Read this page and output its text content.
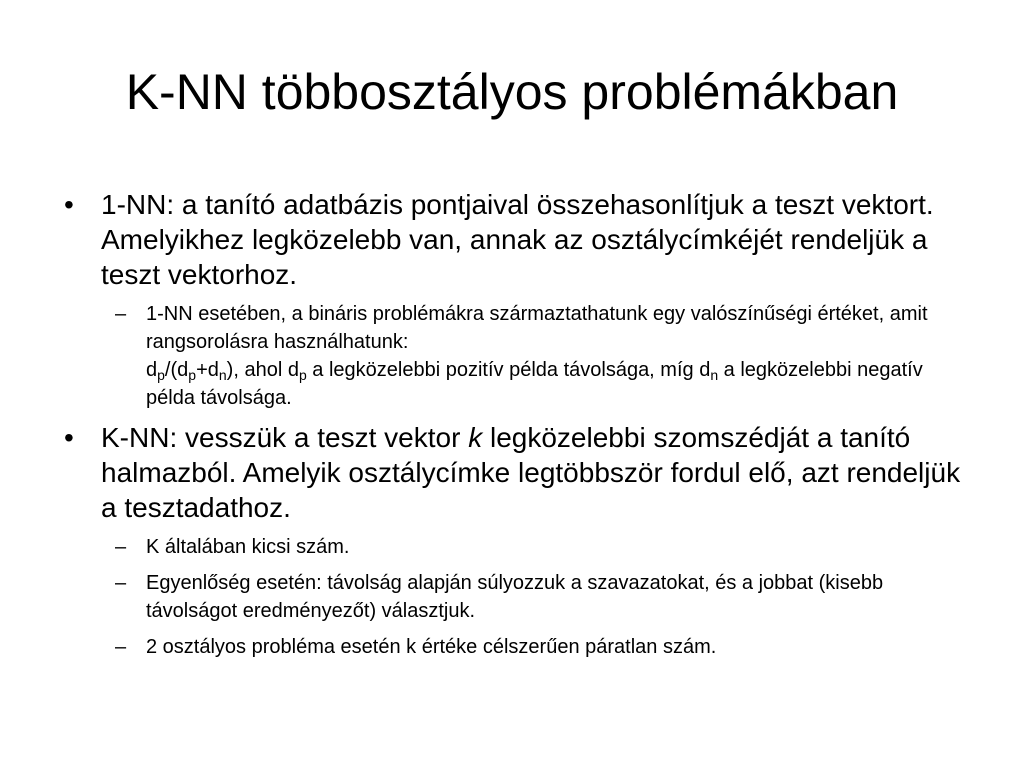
K-NN többosztályos problémákban
• 1-NN: a tanító adatbázis pontjaival összehasonlítjuk a teszt vektort. Amelyikhez legközelebb van, annak az osztálycímkéjét rendeljük a teszt vektorhoz.
– 1-NN esetében, a bináris problémákra származtathatunk egy valószínűségi értéket, amit rangsorolásra használhatunk:
$d_p/(d_p+d_n)$, ahol $d_p$ a legközelebbi pozitív példa távolsága, míg $d_n$ a legközelebbi negatív példa távolsága.
• K-NN: vesszük a teszt vektor k legközelebbi szomszédját a tanító halmazból. Amelyik osztálycímke legtöbbször fordul elő, azt rendeljük a tesztadathoz.
– K általában kicsi szám.
– Egyenlőség esetén: távolság alapján súlyozzuk a szavazatokat, és a jobbat (kisebb távolságot eredményezőt) választjuk.
– 2 osztályos probléma esetén k értéke célszerűen páratlan szám.
